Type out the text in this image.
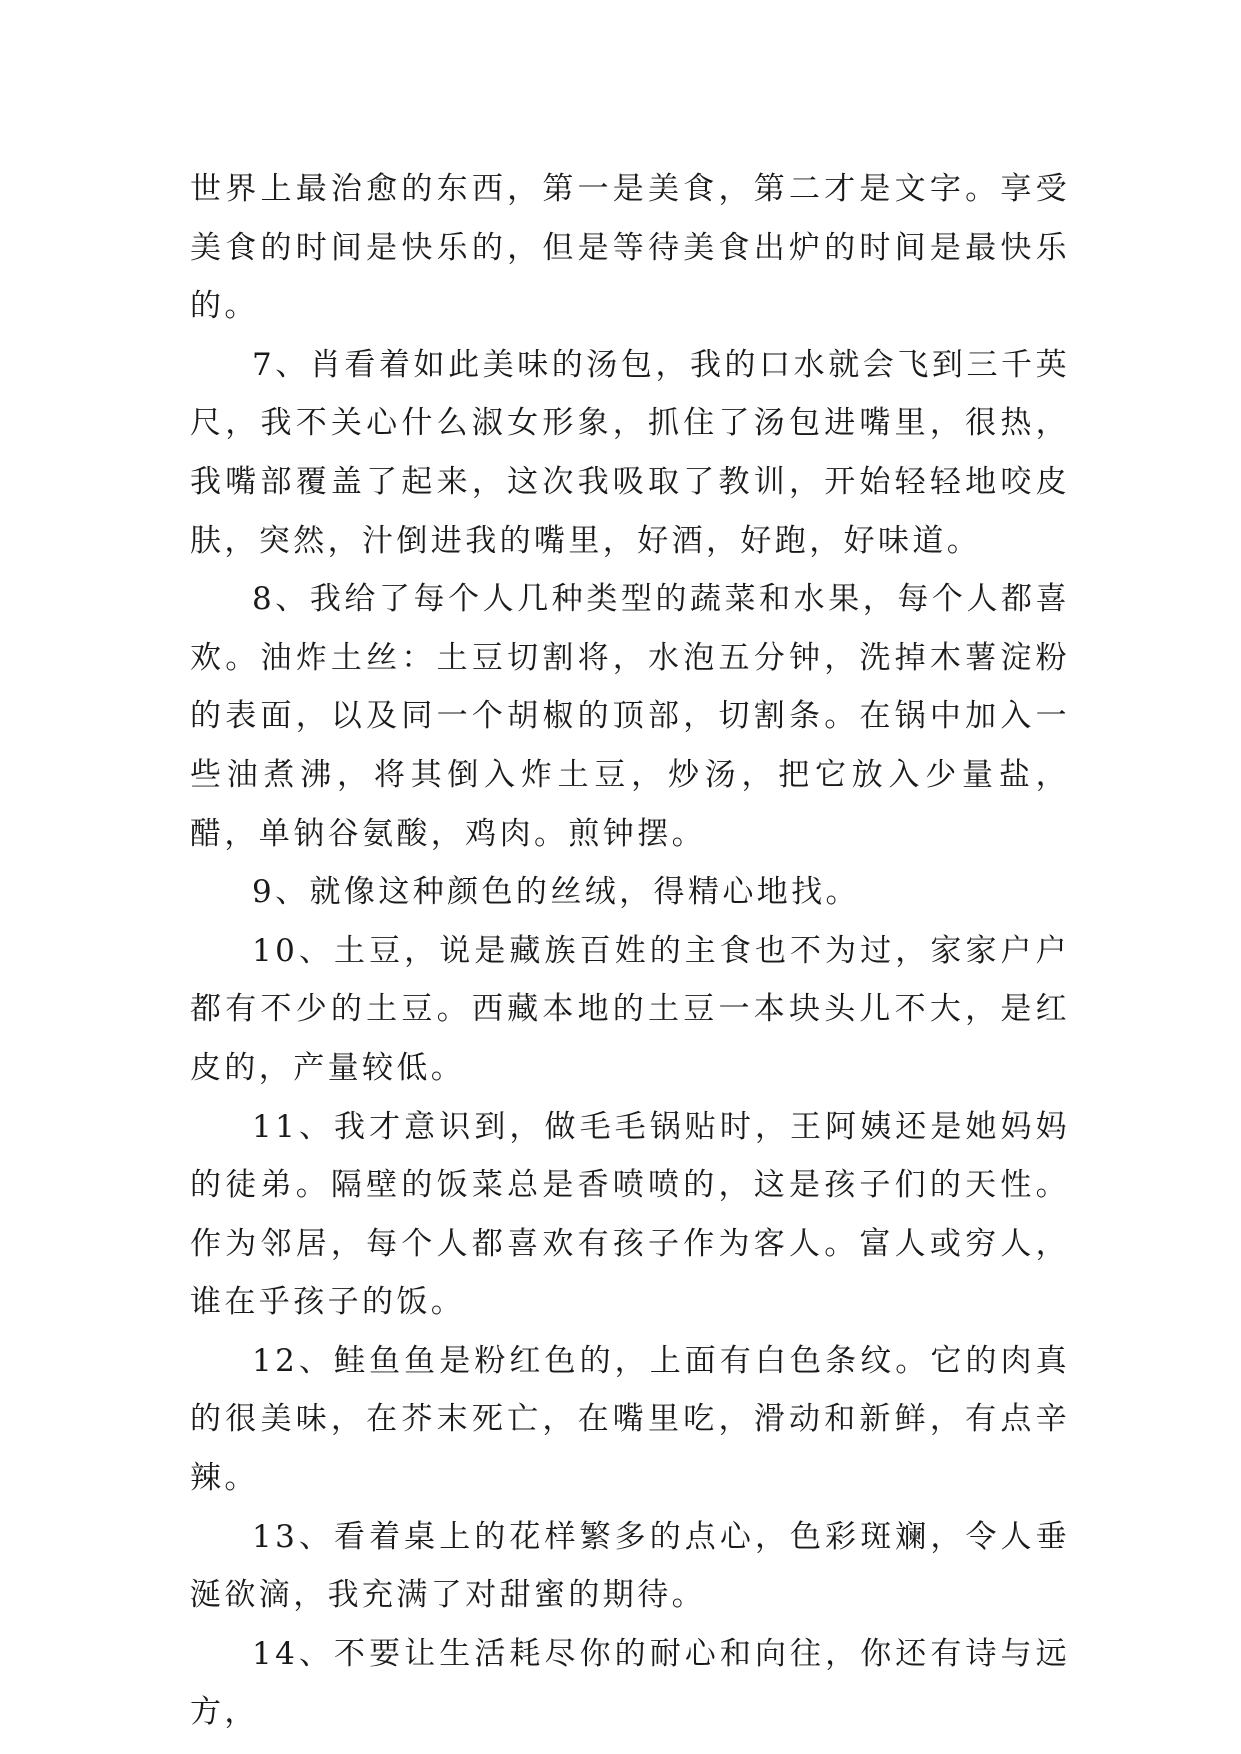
世界上最治愈的东西，第一是美食，第二才是文字。享受美食的时间是快乐的，但是等待美食出炉的时间是最快乐的。

7、肖看着如此美味的汤包，我的口水就会飞到三千英尺，我不关心什么淑女形象，抓住了汤包进嘴里，很热，我嘴部覆盖了起来，这次我吸取了教训，开始轻轻地咬皮肤，突然，汁倒进我的嘴里，好酒，好跑，好味道。

8、我给了每个人几种类型的蔬菜和水果，每个人都喜欢。油炸土丝：土豆切割将，水泡五分钟，洗掉木薯淀粉的表面，以及同一个胡椒的顶部，切割条。在锅中加入一些油煮沸，将其倒入炸土豆，炒汤，把它放入少量盐，醋，单钠谷氨酸，鸡肉。煎钟摆。

9、就像这种颜色的丝绒，得精心地找。

10、土豆，说是藏族百姓的主食也不为过，家家户户都有不少的土豆。西藏本地的土豆一本块头儿不大，是红皮的，产量较低。

11、我才意识到，做毛毛锅贴时，王阿姨还是她妈妈的徒弟。隔壁的饭菜总是香喷喷的，这是孩子们的天性。作为邻居，每个人都喜欢有孩子作为客人。富人或穷人，谁在乎孩子的饭。

12、鲑鱼鱼是粉红色的，上面有白色条纹。它的肉真的很美味，在芥末死亡，在嘴里吃，滑动和新鲜，有点辛辣。

13、看着桌上的花样繁多的点心，色彩斑斓，令人垂涎欲滴，我充满了对甜蜜的期待。

14、不要让生活耗尽你的耐心和向往，你还有诗与远方，
